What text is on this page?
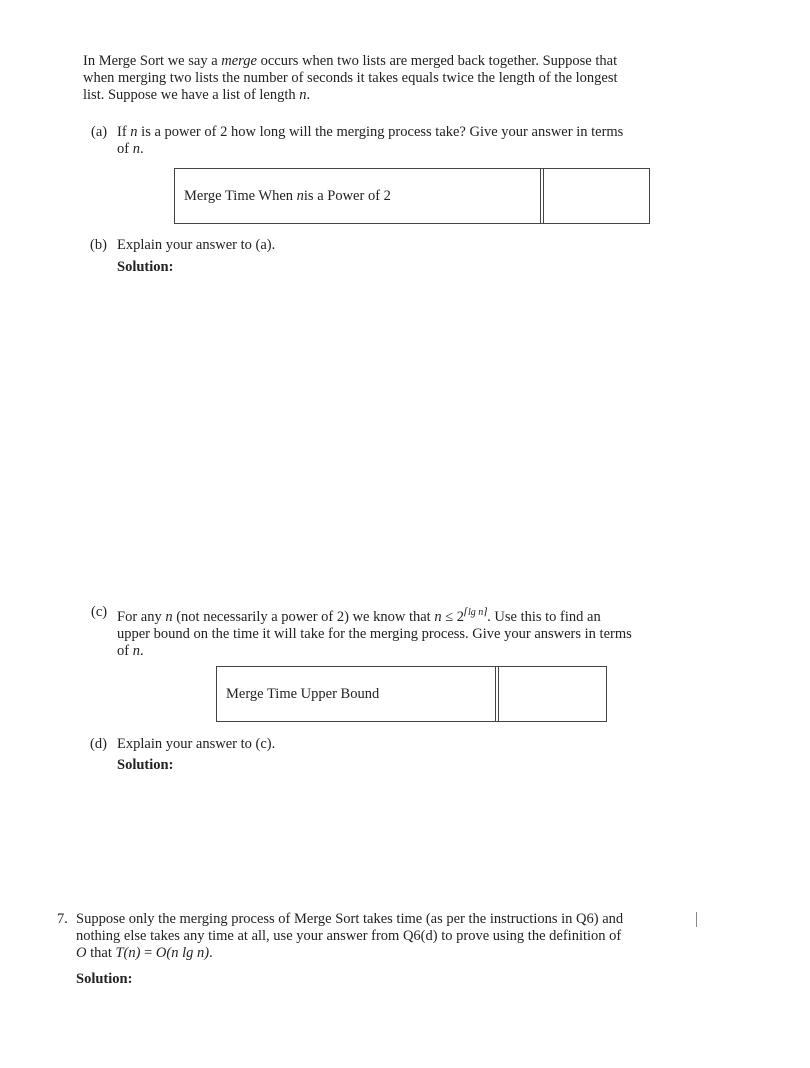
In Merge Sort we say a merge occurs when two lists are merged back together. Suppose that
when merging two lists the number of seconds it takes equals twice the length of the longest
list. Suppose we have a list of length n.
(a) If n is a power of 2 how long will the merging process take? Give your answer in terms
of n.
Merge Time When
n is a Power of 2
(b) Explain your answer to (a).
Solution:
(c) For any n (not necessarily a power of 2) we know that $n \le 2^{⌈lg n⌉}$. Use this to find an
upper bound on the time it will take for the merging process. Give your answers in terms
of n.
Merge Time Upper Bound
(d) Explain your answer to (c).
Solution:
7. Suppose only the merging process of Merge Sort takes time (as per the instructions in Q6) and
nothing else takes any time at all, use your answer from Q6(d) to prove using the definition of
O that T(n) = O(n lg n).
Solution:
